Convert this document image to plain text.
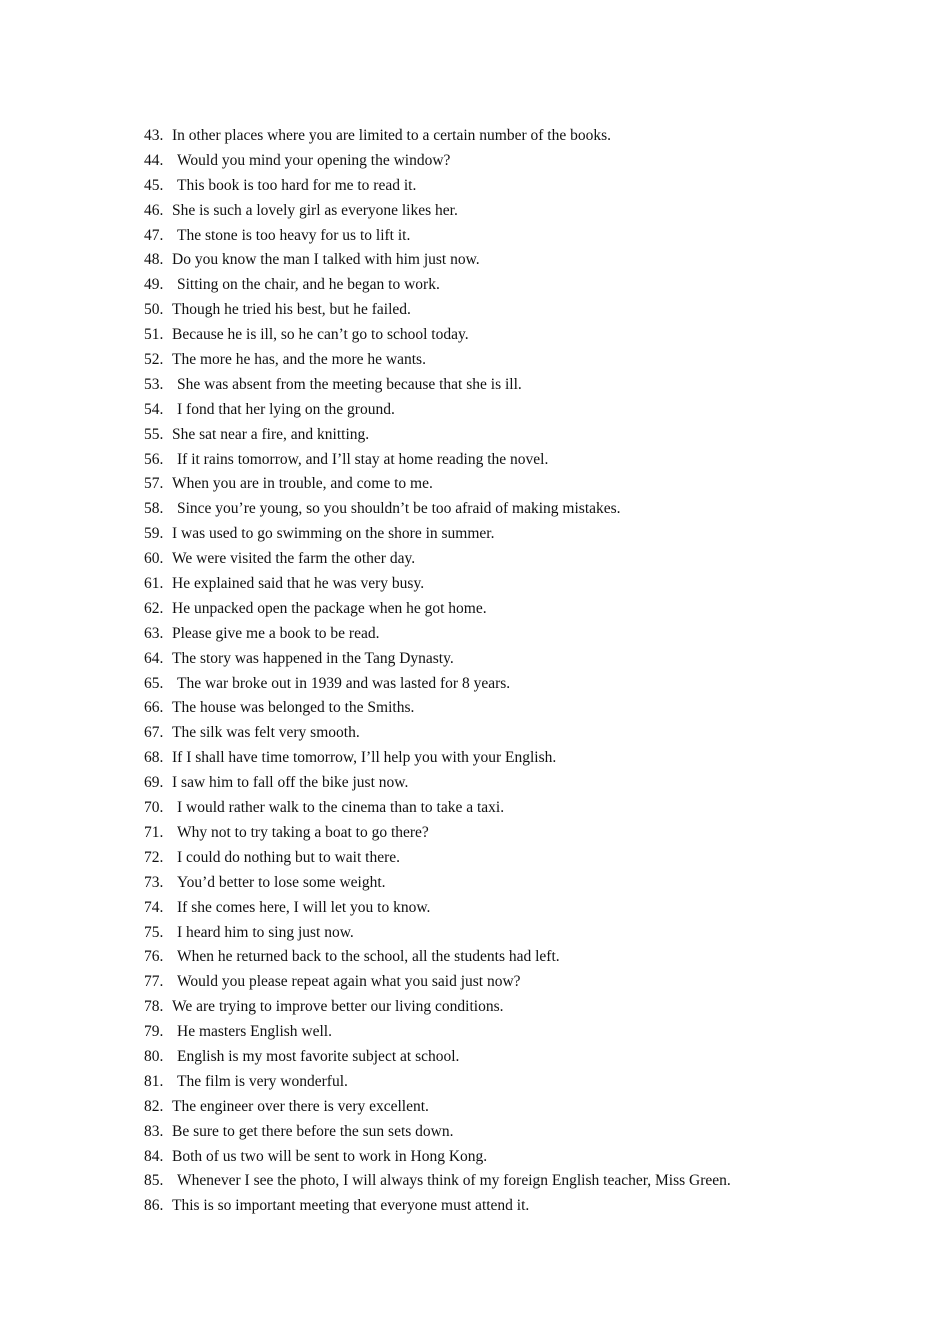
43. In other places where you are limited to a certain number of the books.
44. Would you mind your opening the window?
45. This book is too hard for me to read it.
46. She is such a lovely girl as everyone likes her.
47. The stone is too heavy for us to lift it.
48. Do you know the man I talked with him just now.
49. Sitting on the chair, and he began to work.
50. Though he tried his best, but he failed.
51. Because he is ill, so he can’t go to school today.
52. The more he has, and the more he wants.
53. She was absent from the meeting because that she is ill.
54. I fond that her lying on the ground.
55. She sat near a fire, and knitting.
56. If it rains tomorrow, and I’ll stay at home reading the novel.
57. When you are in trouble, and come to me.
58. Since you’re young, so you shouldn’t be too afraid of making mistakes.
59. I was used to go swimming on the shore in summer.
60. We were visited the farm the other day.
61. He explained said that he was very busy.
62. He unpacked open the package when he got home.
63. Please give me a book to be read.
64. The story was happened in the Tang Dynasty.
65. The war broke out in 1939 and was lasted for 8 years.
66. The house was belonged to the Smiths.
67. The silk was felt very smooth.
68. If I shall have time tomorrow, I’ll help you with your English.
69. I saw him to fall off the bike just now.
70. I would rather walk to the cinema than to take a taxi.
71. Why not to try taking a boat to go there?
72. I could do nothing but to wait there.
73. You’d better to lose some weight.
74. If she comes here, I will let you to know.
75. I heard him to sing just now.
76. When he returned back to the school, all the students had left.
77. Would you please repeat again what you said just now?
78. We are trying to improve better our living conditions.
79. He masters English well.
80. English is my most favorite subject at school.
81. The film is very wonderful.
82. The engineer over there is very excellent.
83. Be sure to get there before the sun sets down.
84. Both of us two will be sent to work in Hong Kong.
85. Whenever I see the photo, I will always think of my foreign English teacher, Miss Green.
86. This is so important meeting that everyone must attend it.
